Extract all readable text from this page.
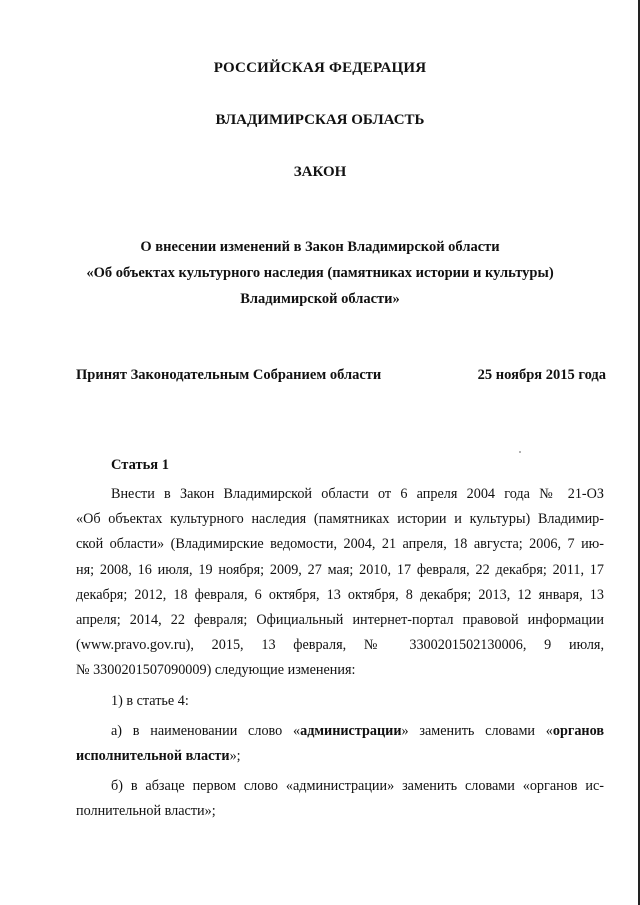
РОССИЙСКАЯ ФЕДЕРАЦИЯ
ВЛАДИМИРСКАЯ ОБЛАСТЬ
ЗАКОН
О внесении изменений в Закон Владимирской области
«Об объектах культурного наследия (памятниках истории и культуры)
Владимирской области»
Принят Законодательным Собранием области	25 ноября 2015 года
Статья 1
Внести в Закон Владимирской области от 6 апреля 2004 года № 21-ОЗ
«Об объектах культурного наследия (памятниках истории и культуры) Владимир-
ской области» (Владимирские ведомости, 2004, 21 апреля, 18 августа; 2006, 7 ию-
ня; 2008, 16 июля, 19 ноября; 2009, 27 мая; 2010, 17 февраля, 22 декабря; 2011, 17
декабря; 2012, 18 февраля, 6 октября, 13 октября, 8 декабря; 2013, 12 января, 13
апреля; 2014, 22 февраля; Официальный интернет-портал правовой информации
(www.pravo.gov.ru), 2015, 13 февраля, № 3300201502130006, 9 июля,
№ 3300201507090009) следующие изменения:
1) в статье 4:
а) в наименовании слово «администрации» заменить словами «органов
исполнительной власти»;
б) в абзаце первом слово «администрации» заменить словами «органов ис-
полнительной власти»;
